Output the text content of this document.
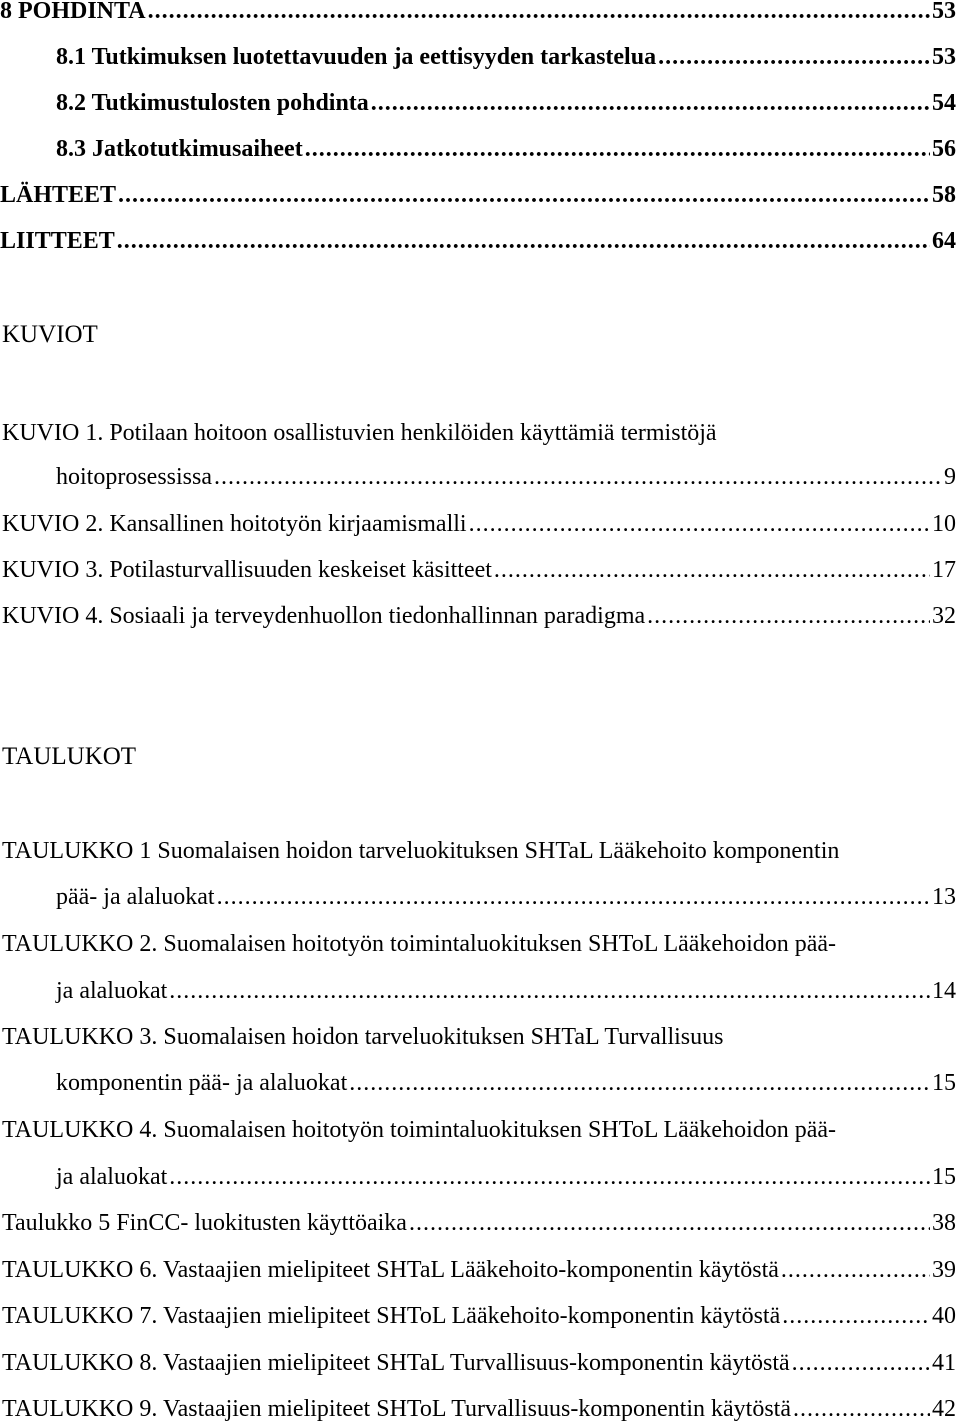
8 POHDINTA .....	53
8.1 Tutkimuksen luotettavuuden ja eettisyyden tarkastelua .....	53
8.2 Tutkimustulosten pohdinta .....	54
8.3 Jatkotutkimusaiheet .....	56
LÄHTEET .....	58
LIITTEET .....	64
KUVIOT
KUVIO 1. Potilaan hoitoon osallistuvien henkilöiden käyttämiä termistöjä
hoitoprosessissa .....	9
KUVIO 2. Kansallinen hoitotyön kirjaamismalli .....	10
KUVIO 3. Potilasturvallisuuden keskeiset käsitteet .....	17
KUVIO 4. Sosiaali ja terveydenhuollon tiedonhallinnan paradigma .....	32
TAULUKOT
TAULUKKO 1 Suomalaisen hoidon tarveluokituksen SHTaL Lääkehoito komponentin
pää- ja alaluokat .....	13
TAULUKKO 2. Suomalaisen hoitotyön toimintaluokituksen SHToL Lääkehoidon pää-
ja alaluokat .....	14
TAULUKKO 3. Suomalaisen hoidon tarveluokituksen SHTaL Turvallisuus
komponentin pää- ja alaluokat .....	15
TAULUKKO 4. Suomalaisen hoitotyön toimintaluokituksen SHToL Lääkehoidon pää-
ja alaluokat .....	15
Taulukko 5 FinCC- luokitusten käyttöaika .....	38
TAULUKKO 6. Vastaajien mielipiteet SHTaL Lääkehoito-komponentin käytöstä .....	39
TAULUKKO 7. Vastaajien mielipiteet SHToL Lääkehoito-komponentin käytöstä .....	40
TAULUKKO 8. Vastaajien mielipiteet SHTaL Turvallisuus-komponentin käytöstä .....	41
TAULUKKO 9. Vastaajien mielipiteet SHToL Turvallisuus-komponentin käytöstä .....	42
